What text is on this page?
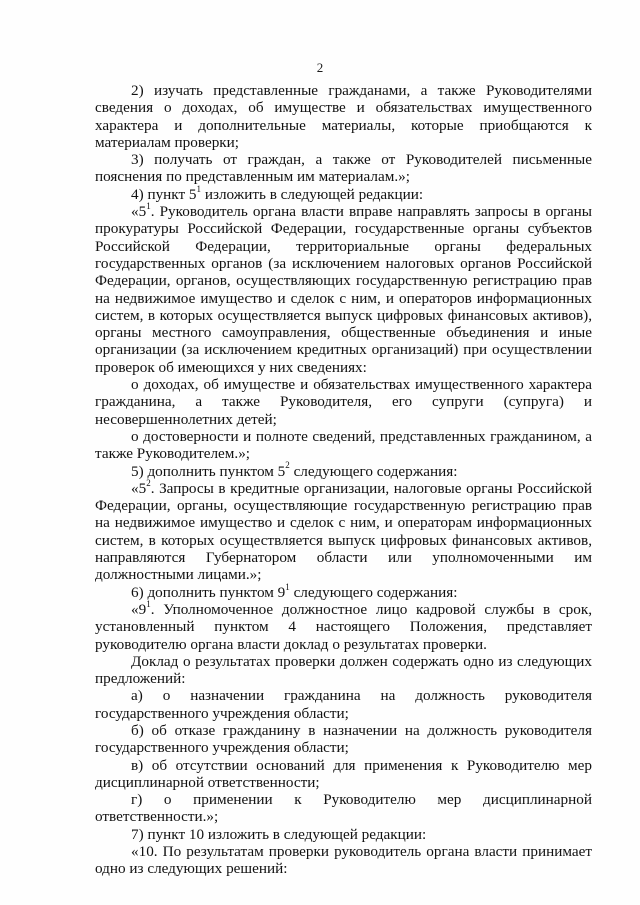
2

2) изучать представленные гражданами, а также Руководителями сведения о доходах, об имуществе и обязательствах имущественного характера и дополнительные материалы, которые приобщаются к материалам проверки;

3) получать от граждан, а также от Руководителей письменные пояснения по представленным им материалам.»;

4) пункт $5^1$ изложить в следующей редакции:

«$5^1$. Руководитель органа власти вправе направлять запросы в органы прокуратуры Российской Федерации, государственные органы субъектов Российской Федерации, территориальные органы федеральных государственных органов (за исключением налоговых органов Российской Федерации, органов, осуществляющих государственную регистрацию прав на недвижимое имущество и сделок с ним, и операторов информационных систем, в которых осуществляется выпуск цифровых финансовых активов), органы местного самоуправления, общественные объединения и иные организации (за исключением кредитных организаций) при осуществлении проверок об имеющихся у них сведениях:

о доходах, об имуществе и обязательствах имущественного характера гражданина, а также Руководителя, его супруги (супруга) и несовершеннолетних детей;

о достоверности и полноте сведений, представленных гражданином, а также Руководителем.»;

5) дополнить пунктом $5^2$ следующего содержания:

«$5^2$. Запросы в кредитные организации, налоговые органы Российской Федерации, органы, осуществляющие государственную регистрацию прав на недвижимое имущество и сделок с ним, и операторам информационных систем, в которых осуществляется выпуск цифровых финансовых активов, направляются Губернатором области или уполномоченными им должностными лицами.»;

6) дополнить пунктом $9^1$ следующего содержания:

«$9^1$. Уполномоченное должностное лицо кадровой службы в срок, установленный пунктом 4 настоящего Положения, представляет руководителю органа власти доклад о результатах проверки.

Доклад о результатах проверки должен содержать одно из следующих предложений:

а) о назначении гражданина на должность руководителя государственного учреждения области;

б) об отказе гражданину в назначении на должность руководителя государственного учреждения области;

в) об отсутствии оснований для применения к Руководителю мер дисциплинарной ответственности;

г) о применении к Руководителю мер дисциплинарной ответственности.»;

7) пункт 10 изложить в следующей редакции:

«10. По результатам проверки руководитель органа власти принимает одно из следующих решений:
